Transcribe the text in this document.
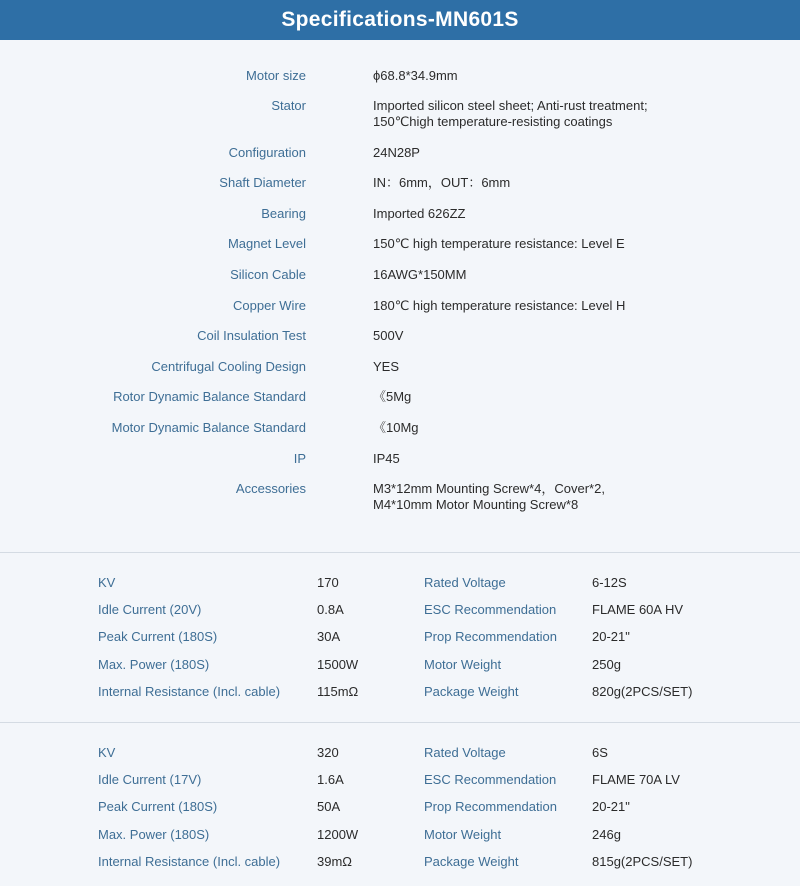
Specifications-MN601S
Motor size	ϕ68.8*34.9mm
Stator	Imported silicon steel sheet; Anti-rust treatment;
150℃high temperature-resisting coatings
Configuration	24N28P
Shaft Diameter	IN：6mm，OUT：6mm
Bearing	Imported 626ZZ
Magnet Level	150℃ high temperature resistance: Level E
Silicon Cable	16AWG*150MM
Copper Wire	180℃ high temperature resistance: Level H
Coil Insulation Test	500V
Centrifugal Cooling Design	YES
Rotor Dynamic Balance Standard	《5Mg
Motor Dynamic Balance Standard	《10Mg
IP	IP45
Accessories	M3*12mm Mounting Screw*4，Cover*2,
M4*10mm Motor Mounting Screw*8
KV	170	Rated Voltage	6-12S
Idle Current (20V)	0.8A	ESC Recommendation	FLAME 60A HV
Peak Current (180S)	30A	Prop Recommendation	20-21"
Max. Power (180S)	1500W	Motor Weight	250g
Internal Resistance (Incl. cable)	115mΩ	Package Weight	820g(2PCS/SET)
KV	320	Rated Voltage	6S
Idle Current (17V)	1.6A	ESC Recommendation	FLAME 70A LV
Peak Current (180S)	50A	Prop Recommendation	20-21"
Max. Power (180S)	1200W	Motor Weight	246g
Internal Resistance (Incl. cable)	39mΩ	Package Weight	815g(2PCS/SET)
